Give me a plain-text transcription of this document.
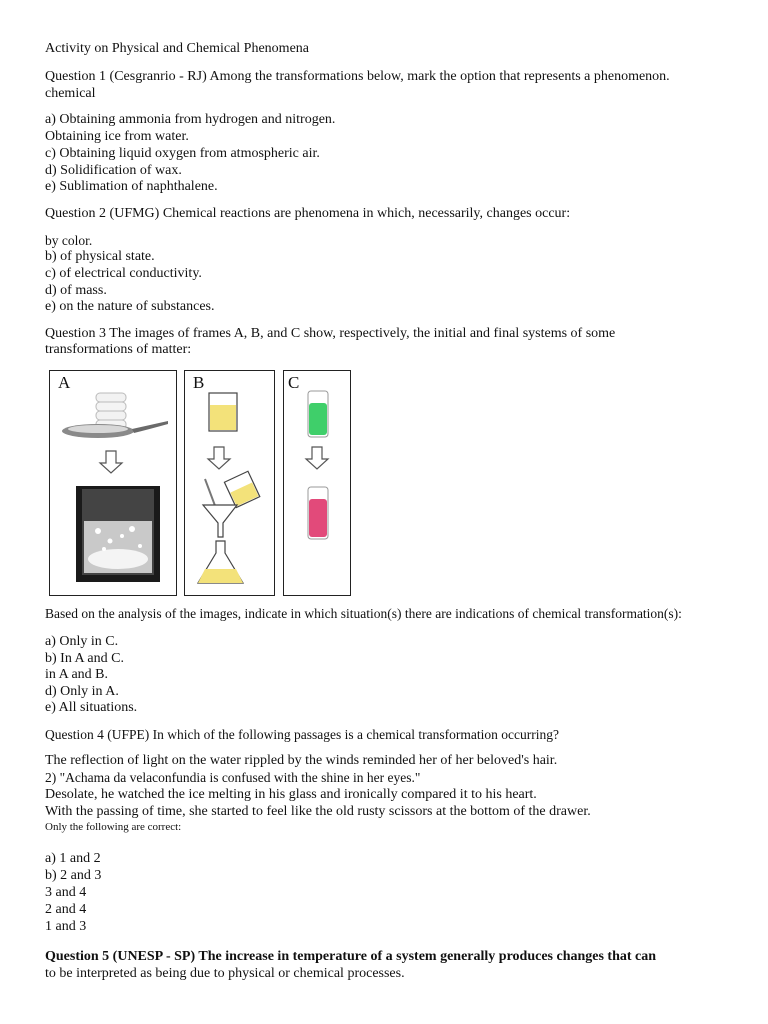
Activity on Physical and Chemical Phenomena
Question 1 (Cesgranrio - RJ) Among the transformations below, mark the option that represents a phenomenon.
chemical
a) Obtaining ammonia from hydrogen and nitrogen.
Obtaining ice from water.
c) Obtaining liquid oxygen from atmospheric air.
d) Solidification of wax.
e) Sublimation of naphthalene.
Question 2 (UFMG) Chemical reactions are phenomena in which, necessarily, changes occur:
by color.
b) of physical state.
c) of electrical conductivity.
d) of mass.
e) on the nature of substances.
Question 3 The images of frames A, B, and C show, respectively, the initial and final systems of some
transformations of matter:
A	B	C
Based on the analysis of the images, indicate in which situation(s) there are indications of chemical transformation(s):
a) Only in C.
b) In A and C.
in A and B.
d) Only in A.
e) All situations.
Question 4 (UFPE) In which of the following passages is a chemical transformation occurring?
The reflection of light on the water rippled by the winds reminded her of her beloved's hair.
2) "Achama da velaconfundia is confused with the shine in her eyes."
Desolate, he watched the ice melting in his glass and ironically compared it to his heart.
With the passing of time, she started to feel like the old rusty scissors at the bottom of the drawer.
Only the following are correct:
a) 1 and 2
b) 2 and 3
3 and 4
2 and 4
1 and 3
Question 5 (UNESP - SP) The increase in temperature of a system generally produces changes that can
to be interpreted as being due to physical or chemical processes.
